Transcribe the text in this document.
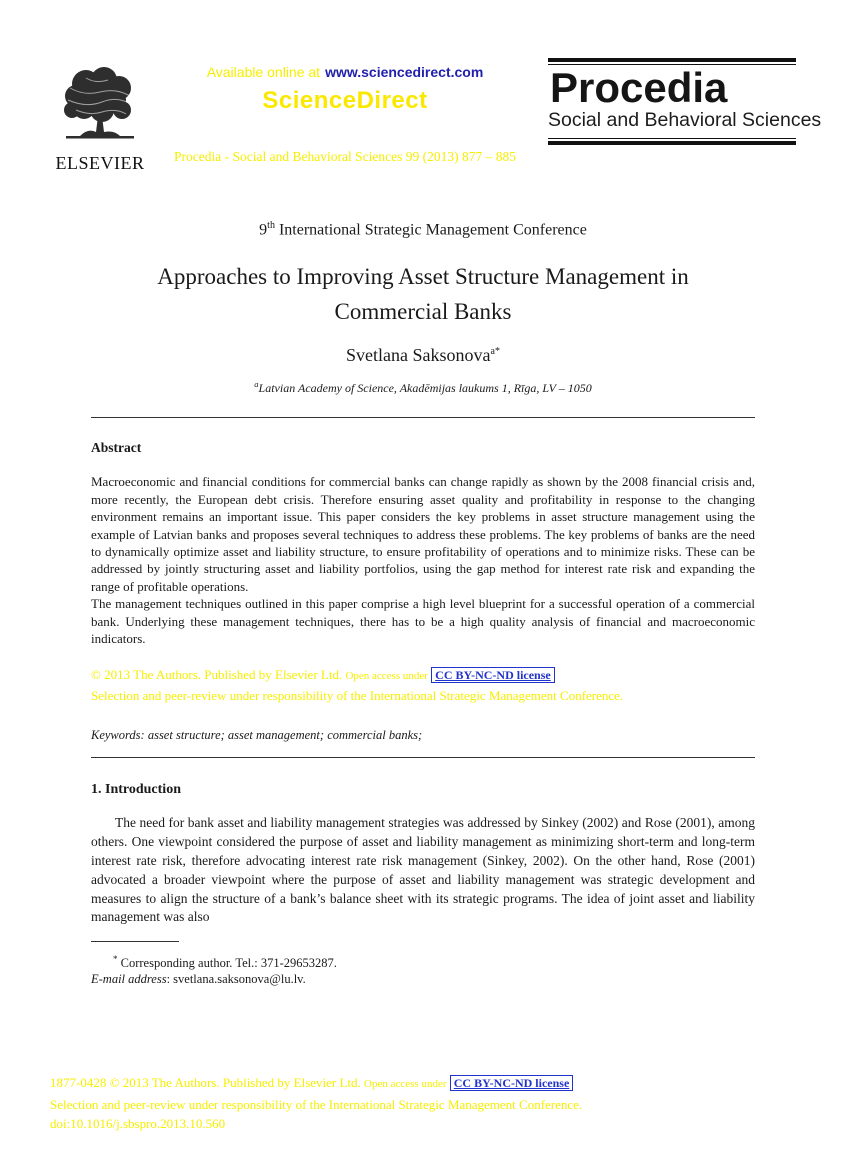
ELSEVIER
Available online at www.sciencedirect.com
ScienceDirect
Procedia - Social and Behavioral Sciences 99 (2013) 877 – 885
Procedia
Social and Behavioral Sciences
9th International Strategic Management Conference
Approaches to Improving Asset Structure Management in
Commercial Banks
Svetlana Saksonova$^{a*}$
$^a$Latvian Academy of Science, Akadēmijas laukums 1, Rīga, LV – 1050
Abstract

Macroeconomic and financial conditions for commercial banks can change rapidly as shown by the 2008 financial crisis and, more recently, the European debt crisis. Therefore ensuring asset quality and profitability in response to the changing environment remains an important issue. This paper considers the key problems in asset structure management using the example of Latvian banks and proposes several techniques to address these problems. The key problems of banks are the need to dynamically optimize asset and liability structure, to ensure profitability of operations and to minimize risks. These can be addressed by jointly structuring asset and liability portfolios, using the gap method for interest rate risk and expanding the range of profitable operations.

The management techniques outlined in this paper comprise a high level blueprint for a successful operation of a commercial bank. Underlying these management techniques, there has to be a high quality analysis of financial and macroeconomic indicators.

© 2013 The Authors. Published by Elsevier Ltd. Open access under CC BY-NC-ND license
Selection and peer-review under responsibility of the International Strategic Management Conference.
Keywords: asset structure; asset management; commercial banks;
1. Introduction

The need for bank asset and liability management strategies was addressed by Sinkey (2002) and Rose (2001), among others. One viewpoint considered the purpose of asset and liability management as minimizing short-term and long-term interest rate risk, therefore advocating interest rate risk management (Sinkey, 2002). On the other hand, Rose (2001) advocated a broader viewpoint where the purpose of asset and liability management was strategic development and measures to align the structure of a bank’s balance sheet with its strategic programs. The idea of joint asset and liability management was also

* Corresponding author. Tel.: 371-29653287.
E-mail address: svetlana.saksonova@lu.lv.
1877-0428 © 2013 The Authors. Published by Elsevier Ltd. Open access under CC BY-NC-ND license
Selection and peer-review under responsibility of the International Strategic Management Conference.
doi:10.1016/j.sbspro.2013.10.560
